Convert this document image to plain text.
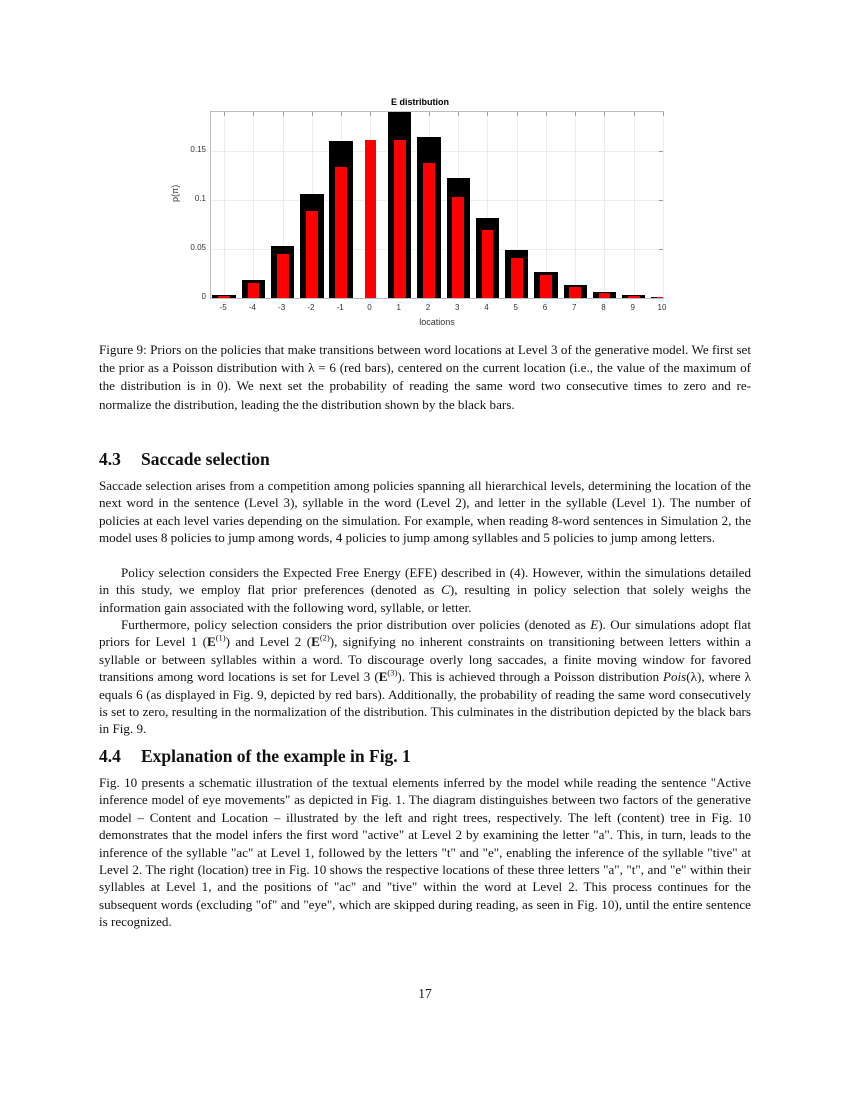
E distribution
p(π)
0
0.05
0.1
0.15
-5	-4	-3	-2	-1	0	1	2	3	4	5	6	7	8	9	10
locations
Figure 9: Priors on the policies that make transitions between word locations at Level 3 of the generative model. We first set the prior as a Poisson distribution with λ = 6 (red bars), centered on the current location (i.e., the value of the maximum of the distribution is in 0). We next set the probability of reading the same word two consecutive times to zero and re-normalize the distribution, leading the the distribution shown by the black bars.
4.3 Saccade selection
Saccade selection arises from a competition among policies spanning all hierarchical levels, determining the location of the next word in the sentence (Level 3), syllable in the word (Level 2), and letter in the syllable (Level 1). The number of policies at each level varies depending on the simulation. For example, when reading 8-word sentences in Simulation 2, the model uses 8 policies to jump among words, 4 policies to jump among syllables and 5 policies to jump among letters.
Policy selection considers the Expected Free Energy (EFE) described in (4). However, within the simulations detailed in this study, we employ flat prior preferences (denoted as C), resulting in policy selection that solely weighs the information gain associated with the following word, syllable, or letter.
Furthermore, policy selection considers the prior distribution over policies (denoted as E). Our simulations adopt flat priors for Level 1 $(E^{(1)})$ and Level 2 $(E^{(2)})$, signifying no inherent constraints on transitioning between letters within a syllable or between syllables within a word. To discourage overly long saccades, a finite moving window for favored transitions among word locations is set for Level 3 $(E^{(3)})$. This is achieved through a Poisson distribution Pois(λ), where λ equals 6 (as displayed in Fig. 9, depicted by red bars). Additionally, the probability of reading the same word consecutively is set to zero, resulting in the normalization of the distribution. This culminates in the distribution depicted by the black bars in Fig. 9.
4.4 Explanation of the example in Fig. 1
Fig. 10 presents a schematic illustration of the textual elements inferred by the model while reading the sentence "Active inference model of eye movements" as depicted in Fig. 1. The diagram distinguishes between two factors of the generative model – Content and Location – illustrated by the left and right trees, respectively. The left (content) tree in Fig. 10 demonstrates that the model infers the first word "active" at Level 2 by examining the letter "a". This, in turn, leads to the inference of the syllable "ac" at Level 1, followed by the letters "t" and "e", enabling the inference of the syllable "tive" at Level 2. The right (location) tree in Fig. 10 shows the respective locations of these three letters "a", "t", and "e" within their syllables at Level 1, and the positions of "ac" and "tive" within the word at Level 2. This process continues for the subsequent words (excluding "of" and "eye", which are skipped during reading, as seen in Fig. 10), until the entire sentence is recognized.
17
